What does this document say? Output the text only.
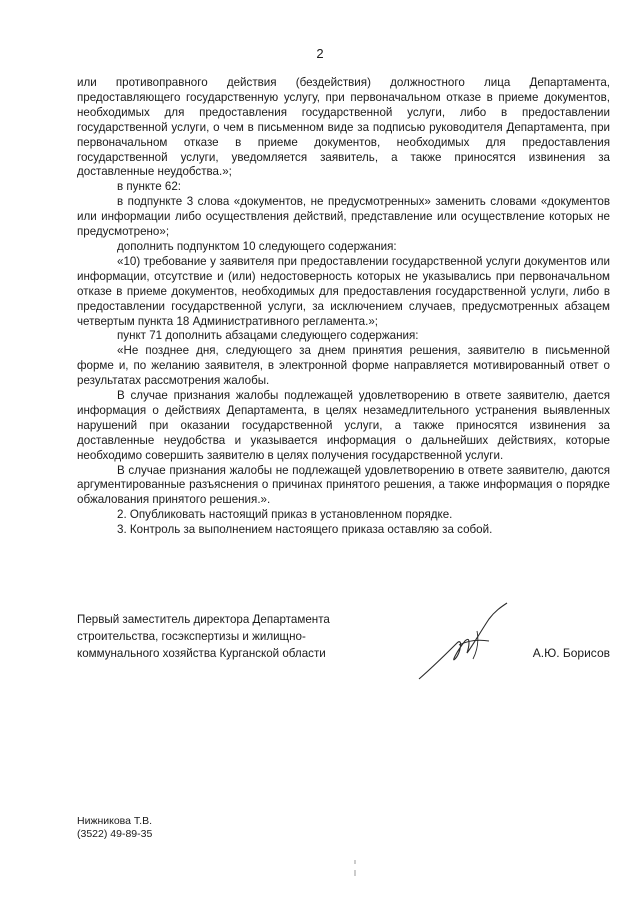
2

или противоправного действия (бездействия) должностного лица Департамента, предоставляющего государственную услугу, при первоначальном отказе в приеме документов, необходимых для предоставления государственной услуги, либо в предоставлении государственной услуги, о чем в письменном виде за подписью руководителя Департамента, при первоначальном отказе в приеме документов, необходимых для предоставления государственной услуги, уведомляется заявитель, а также приносятся извинения за доставленные неудобства.»;

в пункте 62:

в подпункте 3 слова «документов, не предусмотренных» заменить словами «документов или информации либо осуществления действий, представление или осуществление которых не предусмотрено»;

дополнить подпунктом 10 следующего содержания:

«10) требование у заявителя при предоставлении государственной услуги документов или информации, отсутствие и (или) недостоверность которых не указывались при первоначальном отказе в приеме документов, необходимых для предоставления государственной услуги, либо в предоставлении государственной услуги, за исключением случаев, предусмотренных абзацем четвертым пункта 18 Административного регламента.»;

пункт 71 дополнить абзацами следующего содержания:

«Не позднее дня, следующего за днем принятия решения, заявителю в письменной форме и, по желанию заявителя, в электронной форме направляется мотивированный ответ о результатах рассмотрения жалобы.

В случае признания жалобы подлежащей удовлетворению в ответе заявителю, дается информация о действиях Департамента, в целях незамедлительного устранения выявленных нарушений при оказании государственной услуги, а также приносятся извинения за доставленные неудобства и указывается информация о дальнейших действиях, которые необходимо совершить заявителю в целях получения государственной услуги.

В случае признания жалобы не подлежащей удовлетворению в ответе заявителю, даются аргументированные разъяснения о причинах принятого решения, а также информация о порядке обжалования принятого решения.».

2. Опубликовать настоящий приказ в установленном порядке.

3. Контроль за выполнением настоящего приказа оставляю за собой.

Первый заместитель директора Департамента
строительства, госэкспертизы и жилищно-
коммунального хозяйства Курганской области	А.Ю. Борисов
Нижникова Т.В.
(3522) 49-89-35
